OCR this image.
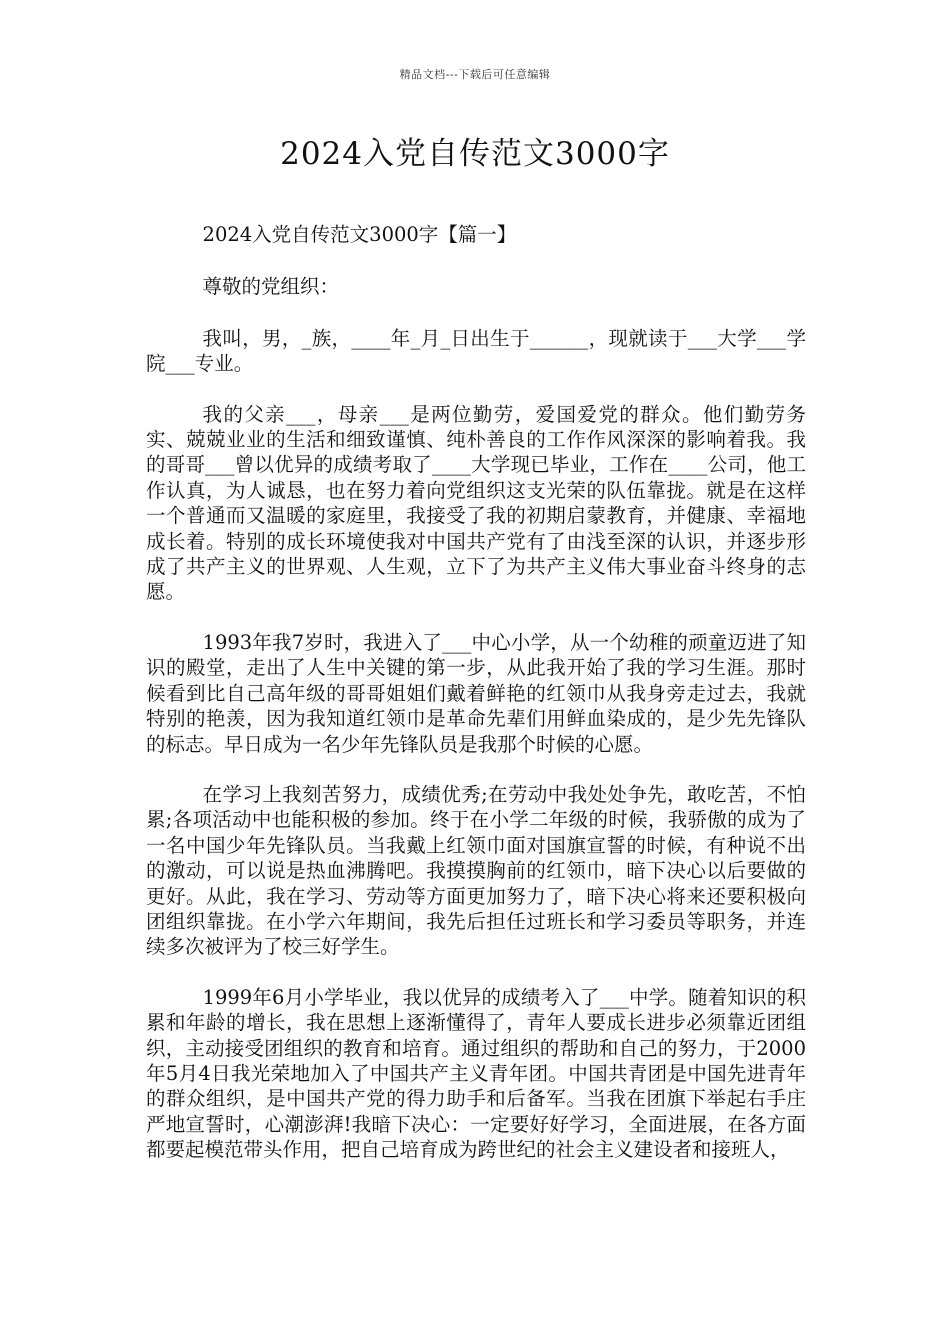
精品文档---下载后可任意编辑
2024入党自传范文3000字

2024入党自传范文3000字【篇一】

尊敬的党组织：

我叫，男，_族，____年_月_日出生于______，现就读于___大学___学院___专业。

我的父亲___，母亲___是两位勤劳，爱国爱党的群众。他们勤劳务实、兢兢业业的生活和细致谨慎、纯朴善良的工作作风深深的影响着我。我的哥哥___曾以优异的成绩考取了____大学现已毕业，工作在____公司，他工作认真，为人诚恳，也在努力着向党组织这支光荣的队伍靠拢。就是在这样一个普通而又温暖的家庭里，我接受了我的初期启蒙教育，并健康、幸福地成长着。特别的成长环境使我对中国共产党有了由浅至深的认识，并逐步形成了共产主义的世界观、人生观，立下了为共产主义伟大事业奋斗终身的志愿。

1993年我7岁时，我进入了___中心小学，从一个幼稚的顽童迈进了知识的殿堂，走出了人生中关键的第一步，从此我开始了我的学习生涯。那时候看到比自己高年级的哥哥姐姐们戴着鲜艳的红领巾从我身旁走过去，我就特别的艳羡，因为我知道红领巾是革命先辈们用鲜血染成的，是少先先锋队的标志。早日成为一名少年先锋队员是我那个时候的心愿。

在学习上我刻苦努力，成绩优秀;在劳动中我处处争先，敢吃苦，不怕累;各项活动中也能积极的参加。终于在小学二年级的时候，我骄傲的成为了一名中国少年先锋队员。当我戴上红领巾面对国旗宣誓的时候，有种说不出的激动，可以说是热血沸腾吧。我摸摸胸前的红领巾，暗下决心以后要做的更好。从此，我在学习、劳动等方面更加努力了，暗下决心将来还要积极向团组织靠拢。在小学六年期间，我先后担任过班长和学习委员等职务，并连续多次被评为了校三好学生。

1999年6月小学毕业，我以优异的成绩考入了___中学。随着知识的积累和年龄的增长，我在思想上逐渐懂得了，青年人要成长进步必须靠近团组织，主动接受团组织的教育和培育。通过组织的帮助和自己的努力，于2000年5月4日我光荣地加入了中国共产主义青年团。中国共青团是中国先进青年的群众组织，是中国共产党的得力助手和后备军。当我在团旗下举起右手庄严地宣誓时，心潮澎湃!我暗下决心：一定要好好学习，全面进展，在各方面都要起模范带头作用，把自己培育成为跨世纪的社会主义建设者和接班人，
